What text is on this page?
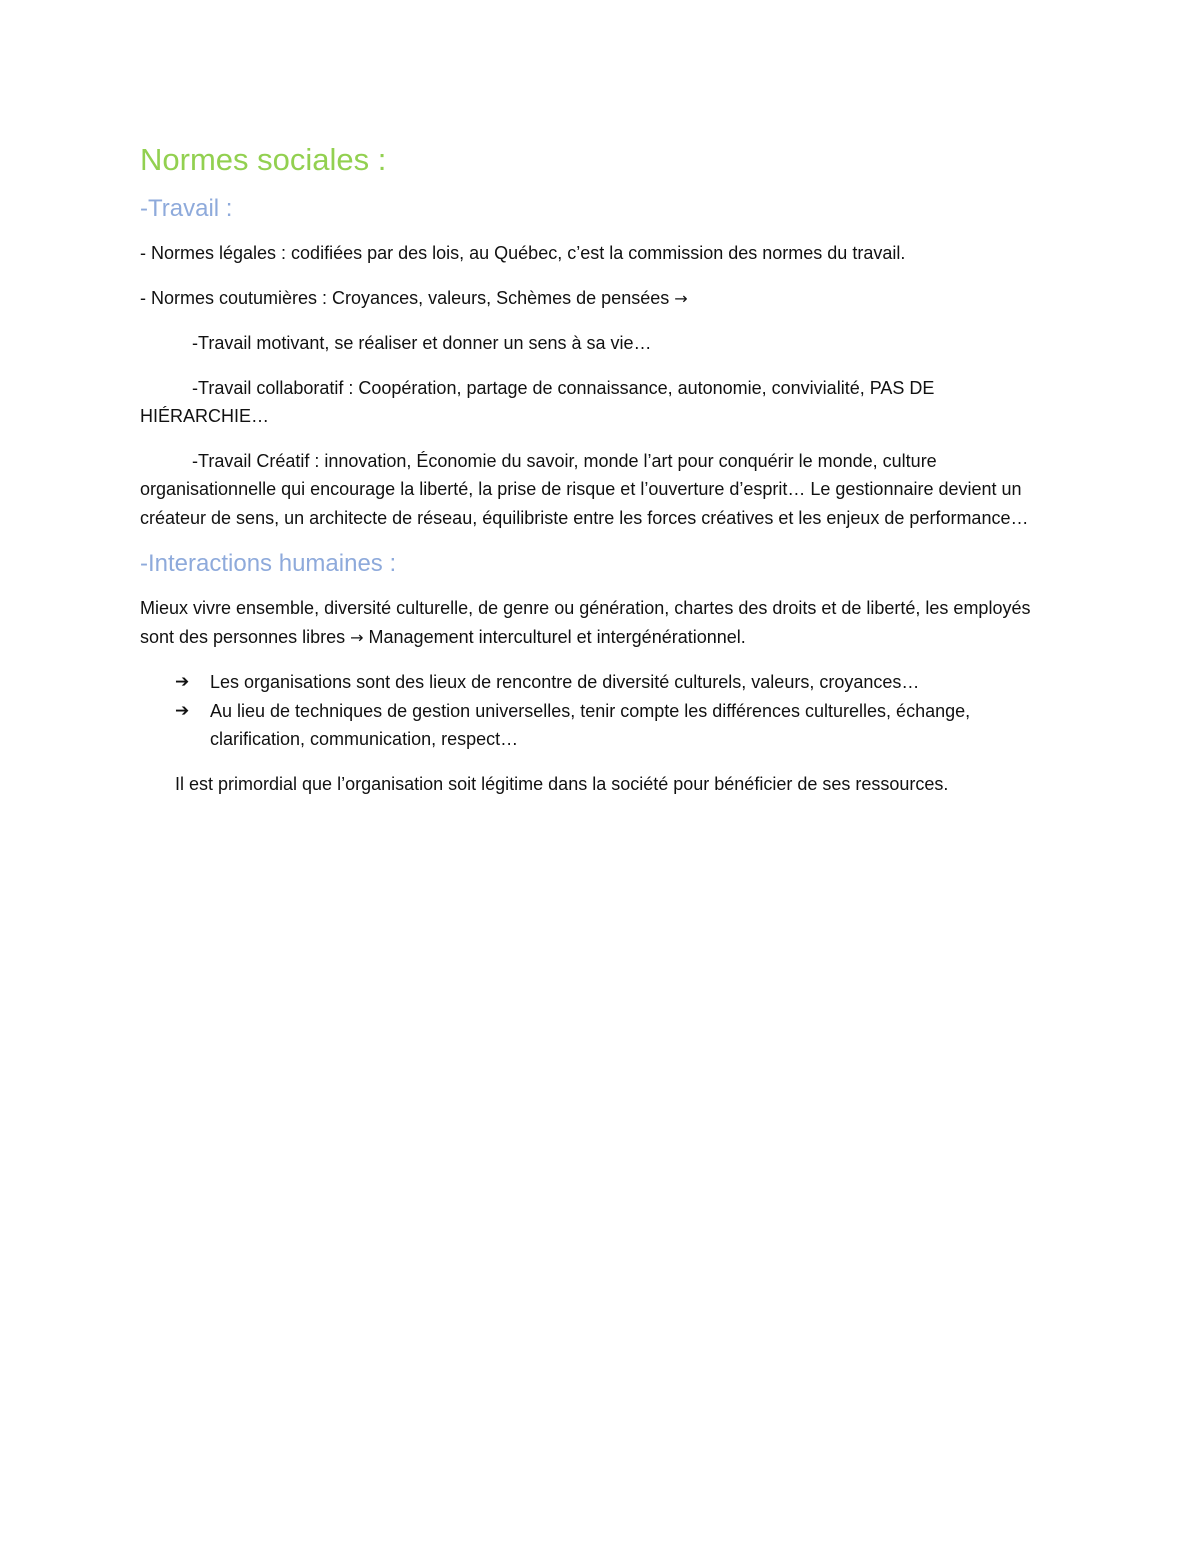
Normes sociales :
-Travail :

- Normes légales : codifiées par des lois, au Québec, c’est la commission des normes du travail.

- Normes coutumières : Croyances, valeurs, Schèmes de pensées →

-Travail motivant, se réaliser et donner un sens à sa vie…

-Travail collaboratif : Coopération, partage de connaissance, autonomie, convivialité, PAS DE HIÉRARCHIE…

-Travail Créatif : innovation, Économie du savoir, monde l’art pour conquérir le monde, culture organisationnelle qui encourage la liberté, la prise de risque et l’ouverture d’esprit… Le gestionnaire devient un créateur de sens, un architecte de réseau, équilibriste entre les forces créatives et les enjeux de performance…

-Interactions humaines :

Mieux vivre ensemble, diversité culturelle, de genre ou génération, chartes des droits et de liberté, les employés sont des personnes libres → Management interculturel et intergénérationnel.

➔ Les organisations sont des lieux de rencontre de diversité culturels, valeurs, croyances…
➔ Au lieu de techniques de gestion universelles, tenir compte les différences culturelles, échange, clarification, communication, respect…

Il est primordial que l’organisation soit légitime dans la société pour bénéficier de ses ressources.
